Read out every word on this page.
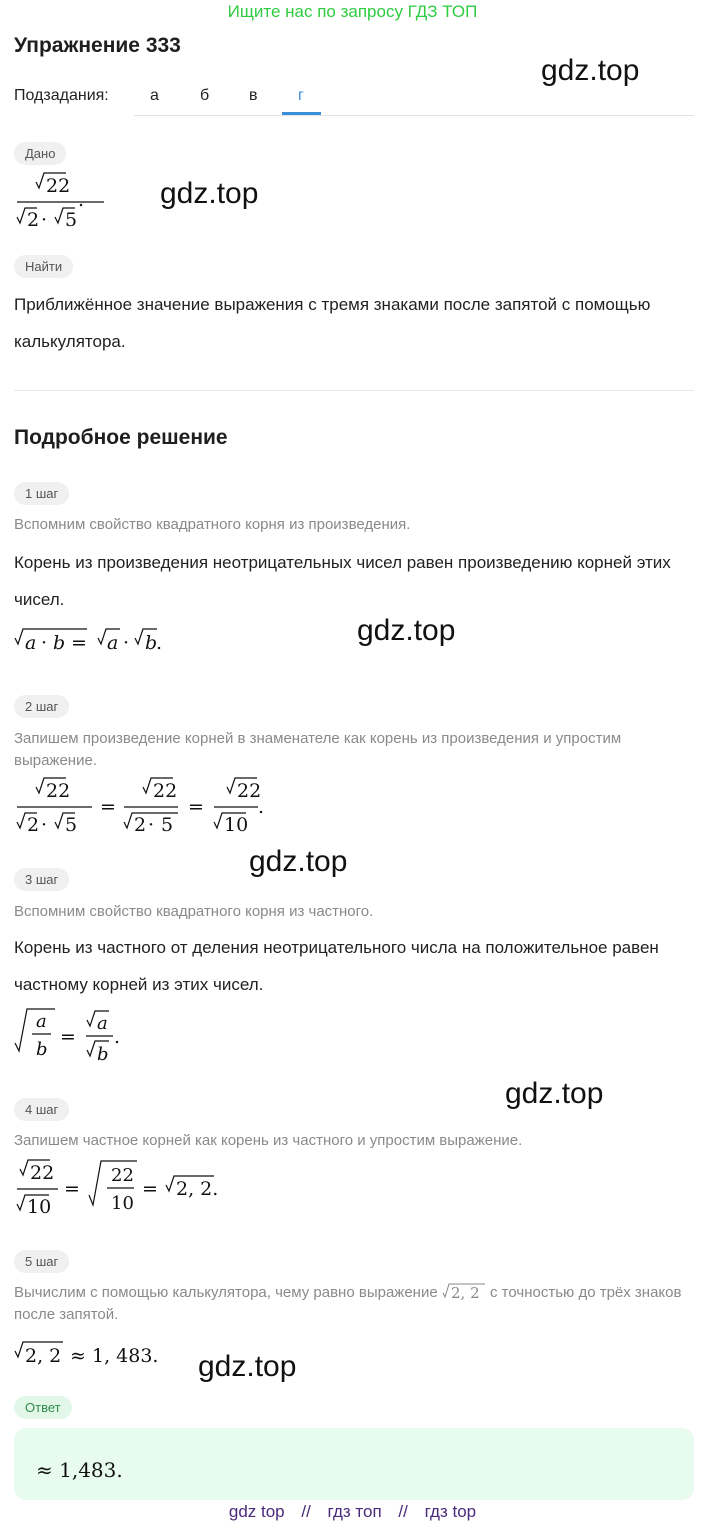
Ищите нас по запросу ГДЗ ТОП
Упражнение 333
gdz.top
gdz.top
gdz.top
gdz.top
gdz.top
gdz.top
Подзадания:	а	б в	г
Дано
22
2 · 5
.
Найти
Приближённое значение выражения с тремя знаками после запятой с помощью калькулятора.
Подробное решение
1 шаг
Вспомним свойство квадратного корня из произведения.
Корень из произведения неотрицательных чисел равен произведению корней этих чисел.
a · b = a · b
.
2 шаг
Запишем произведение корней в знаменателе как корень из произведения и упростим выражение.
22
2 · 5
=
22
2 · 5
=
22
10
.
3 шаг
Вспомним свойство квадратного корня из частного.
Корень из частного от деления неотрицательного числа на положительное равен частному корней из этих чисел.
a
b
=
a
b
.
4 шаг
Запишем частное корней как корень из частного и упростим выражение.
22
10
=
22
10
= 2, 2.
5 шаг
Вычислим с помощью калькулятора, чему равно выражение 2, 2 с точностью до трёх знаков после запятой.
2, 2 ≈ 1, 483.
Ответ
≈ 1,483.
gdz top // гдз топ // гдз top
